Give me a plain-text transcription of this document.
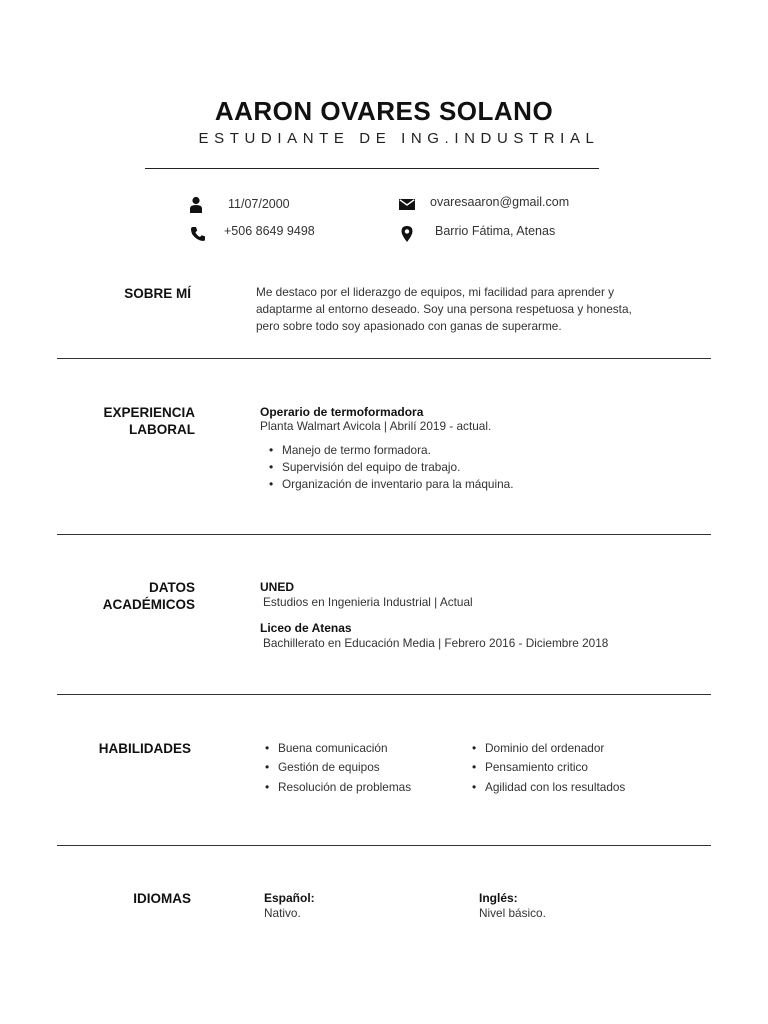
AARON OVARES SOLANO
ESTUDIANTE DE ING.INDUSTRIAL
11/07/2000
+506 8649 9498
ovaresaaron@gmail.com
Barrio Fátima, Atenas
SOBRE MÍ	Me destaco por el liderazgo de equipos, mi facilidad para aprender y
adaptarme al entorno deseado. Soy una persona respetuosa y honesta,
pero sobre todo soy apasionado con ganas de superarme.
EXPERIENCIA
LABORAL
Operario de termoformadora
Planta Walmart Avicola | Abrilí 2019 - actual.
• Manejo de termo formadora.
• Supervisión del equipo de trabajo.
• Organización de inventario para la máquina.
DATOS
ACADÉMICOS
UNED
Estudios en Ingenieria Industrial | Actual
Liceo de Atenas
Bachillerato en Educación Media | Febrero 2016 - Diciembre 2018
HABILIDADES
•	Buena comunicación
• Gestión de equipos
• Resolución de problemas
• Dominio del ordenador
• Pensamiento critico
• Agilidad con los resultados
IDIOMAS	Español:
Nativo.
Inglés:
Nivel básico.
